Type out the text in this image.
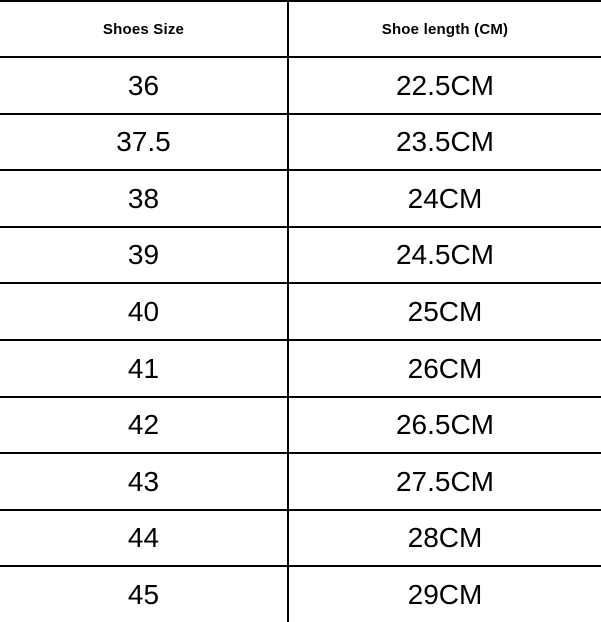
Shoes Size	Shoe length (CM)
36	22.5CM
37.5	23.5CM
38	24CM
39	24.5CM
40	25CM
41	26CM
42	26.5CM
43	27.5CM
44	28CM
45	29CM
